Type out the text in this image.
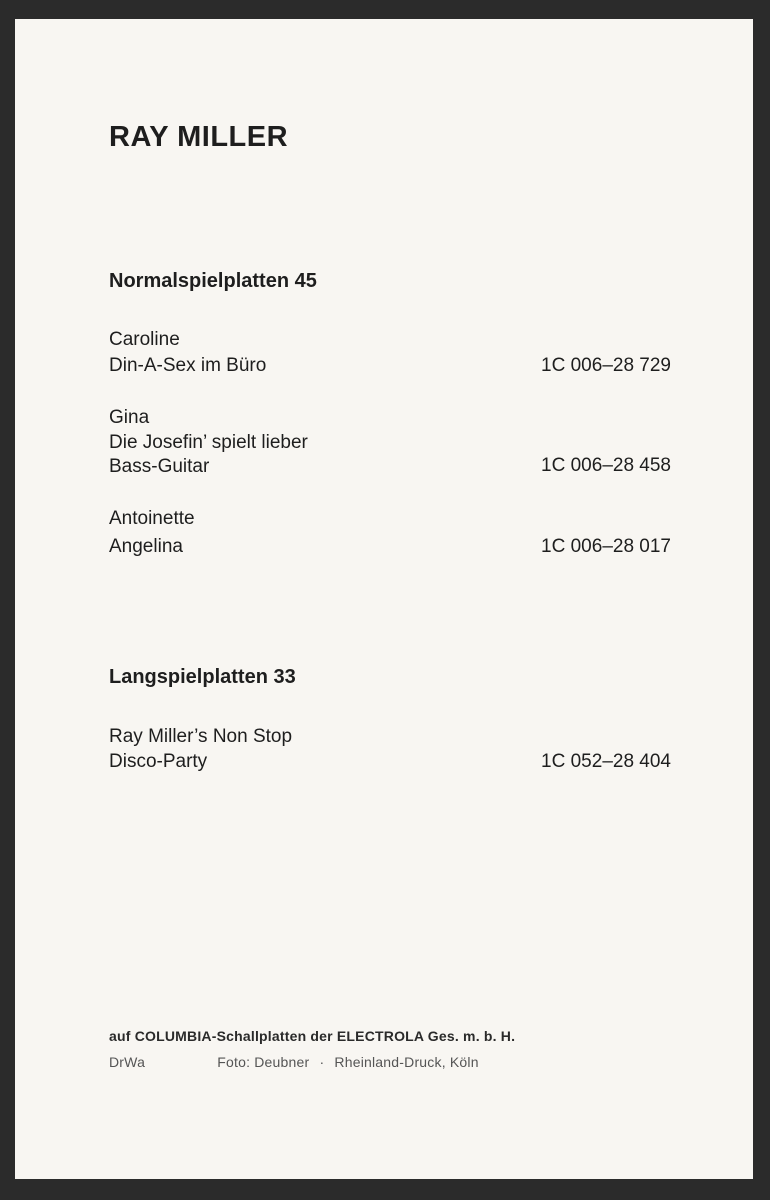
RAY MILLER
Normalspielplatten 45
Caroline
Din-A-Sex im Büro	1C 006–28 729
Gina
Die Josefin’ spielt lieber
Bass-Guitar	1C 006–28 458
Antoinette
Angelina	1C 006–28 017
Langspielplatten 33
Ray Miller’s Non Stop
Disco-Party	1C 052–28 404
auf COLUMBIA-Schallplatten der ELECTROLA Ges. m. b. H.
DrWa	Foto: Deubner · Rheinland-Druck, Köln
